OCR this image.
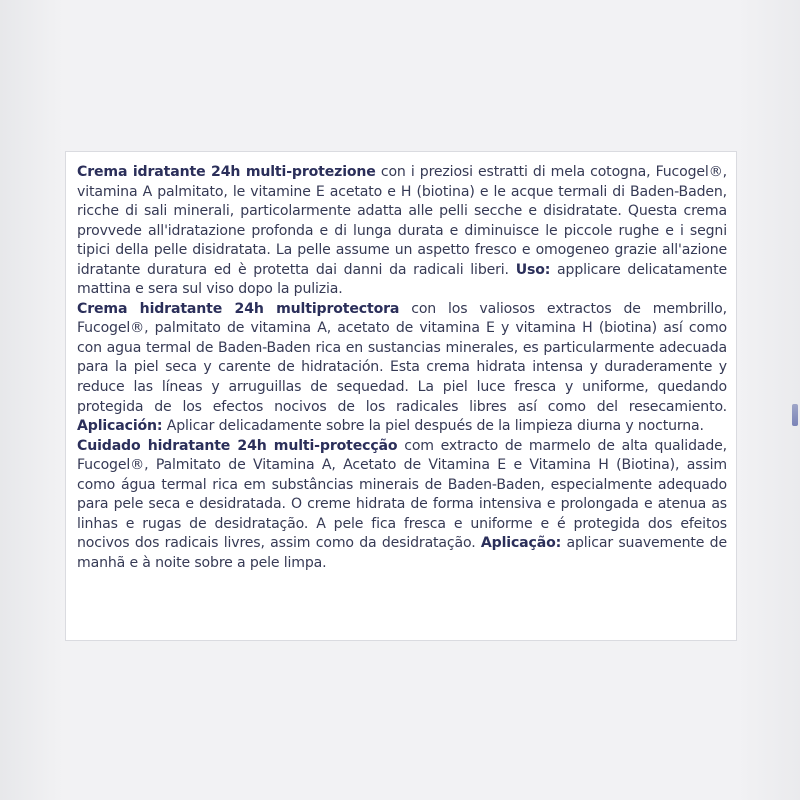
Crema idratante 24h multi-protezione con i preziosi estratti di mela cotogna, Fucogel®, vitamina A palmitato, le vitamine E acetato e H (biotina) e le acque termali di Baden-Baden, ricche di sali minerali, particolarmente adatta alle pelli secche e disidratate. Questa crema provvede all'idratazione profonda e di lunga durata e diminuisce le piccole rughe e i segni tipici della pelle disidratata. La pelle assume un aspetto fresco e omogeneo grazie all'azione idratante duratura ed è protetta dai danni da radicali liberi. Uso: applicare delicatamente mattina e sera sul viso dopo la pulizia.

Crema hidratante 24h multiprotectora con los valiosos extractos de membrillo, Fucogel®, palmitato de vitamina A, acetato de vitamina E y vitamina H (biotina) así como con agua termal de Baden-Baden rica en sustancias minerales, es particularmente adecuada para la piel seca y carente de hidratación. Esta crema hidrata intensa y duraderamente y reduce las líneas y arruguillas de sequedad. La piel luce fresca y uniforme, quedando protegida de los efectos nocivos de los radicales libres así como del resecamiento. Aplicación: Aplicar delicadamente sobre la piel después de la limpieza diurna y nocturna.

Cuidado hidratante 24h multi-protecção com extracto de marmelo de alta qualidade, Fucogel®, Palmitato de Vitamina A, Acetato de Vitamina E e Vitamina H (Biotina), assim como água termal rica em substâncias minerais de Baden-Baden, especialmente adequado para pele seca e desidratada. O creme hidrata de forma intensiva e prolongada e atenua as linhas e rugas de desidratação. A pele fica fresca e uniforme e é protegida dos efeitos nocivos dos radicais livres, assim como da desidratação. Aplicação: aplicar suavemente de manhã e à noite sobre a pele limpa.
